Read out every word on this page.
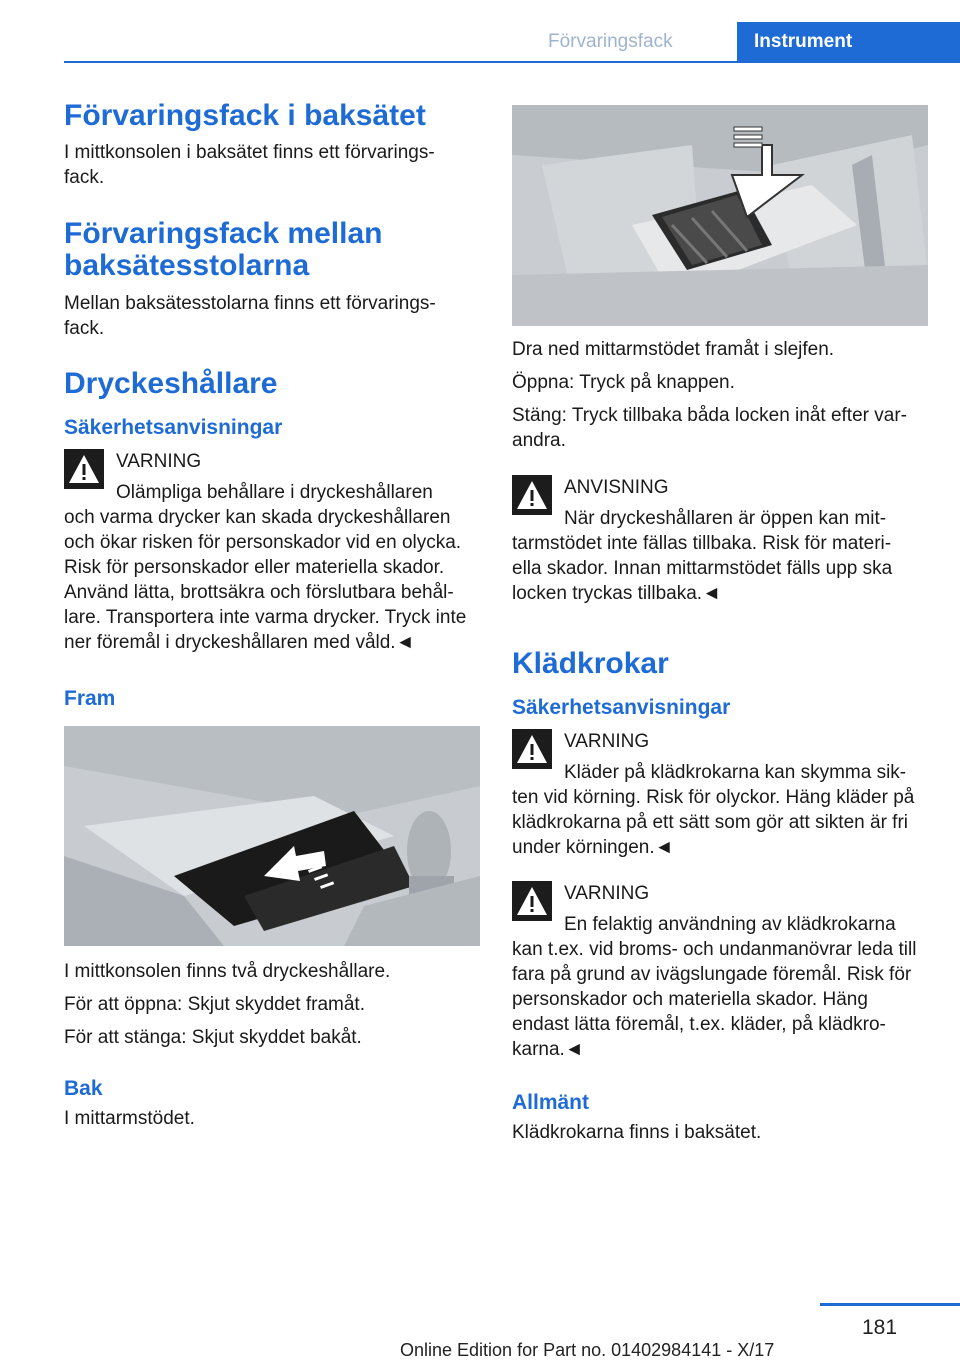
Förvaringsfack	Instrument
Förvaringsfack i baksätet
I mittkonsolen i baksätet finns ett förvarings-
fack.
Förvaringsfack mellan
baksätesstolarna
Mellan baksätesstolarna finns ett förvarings-
fack.
Dryckeshållare
Säkerhetsanvisningar
VARNING
Olämpliga behållare i dryckeshållaren
och varma drycker kan skada dryckeshållaren och ökar risken för personskador vid en olycka. Risk för personskador eller materiella skador. Använd lätta, brottsäkra och förslutbara behål-
lare. Transportera inte varma drycker. Tryck inte ner föremål i dryckeshållaren med våld.◄
Fram
I mittkonsolen finns två dryckeshållare.
För att öppna: Skjut skyddet framåt.
För att stänga: Skjut skyddet bakåt.
Bak
I mittarmstödet.
Dra ned mittarmstödet framåt i slejfen.
Öppna: Tryck på knappen.
Stäng: Tryck tillbaka båda locken inåt efter var-
andra.
ANVISNING
När dryckeshållaren är öppen kan mit-
tarmstödet inte fällas tillbaka. Risk för materi-
ella skador. Innan mittarmstödet fälls upp ska locken tryckas tillbaka.◄
Klädkrokar
Säkerhetsanvisningar
VARNING
Kläder på klädkrokarna kan skymma sik-
ten vid körning. Risk för olyckor. Häng kläder på klädkrokarna på ett sätt som gör att sikten är fri under körningen.◄
VARNING
En felaktig användning av klädkrokarna
kan t.ex. vid broms- och undanmanövrar leda till fara på grund av ivägslungade föremål. Risk för personskador och materiella skador. Häng endast lätta föremål, t.ex. kläder, på klädkro-
karna.◄
Allmänt
Klädkrokarna finns i baksätet.
181
Online Edition for Part no. 01402984141 - X/17
